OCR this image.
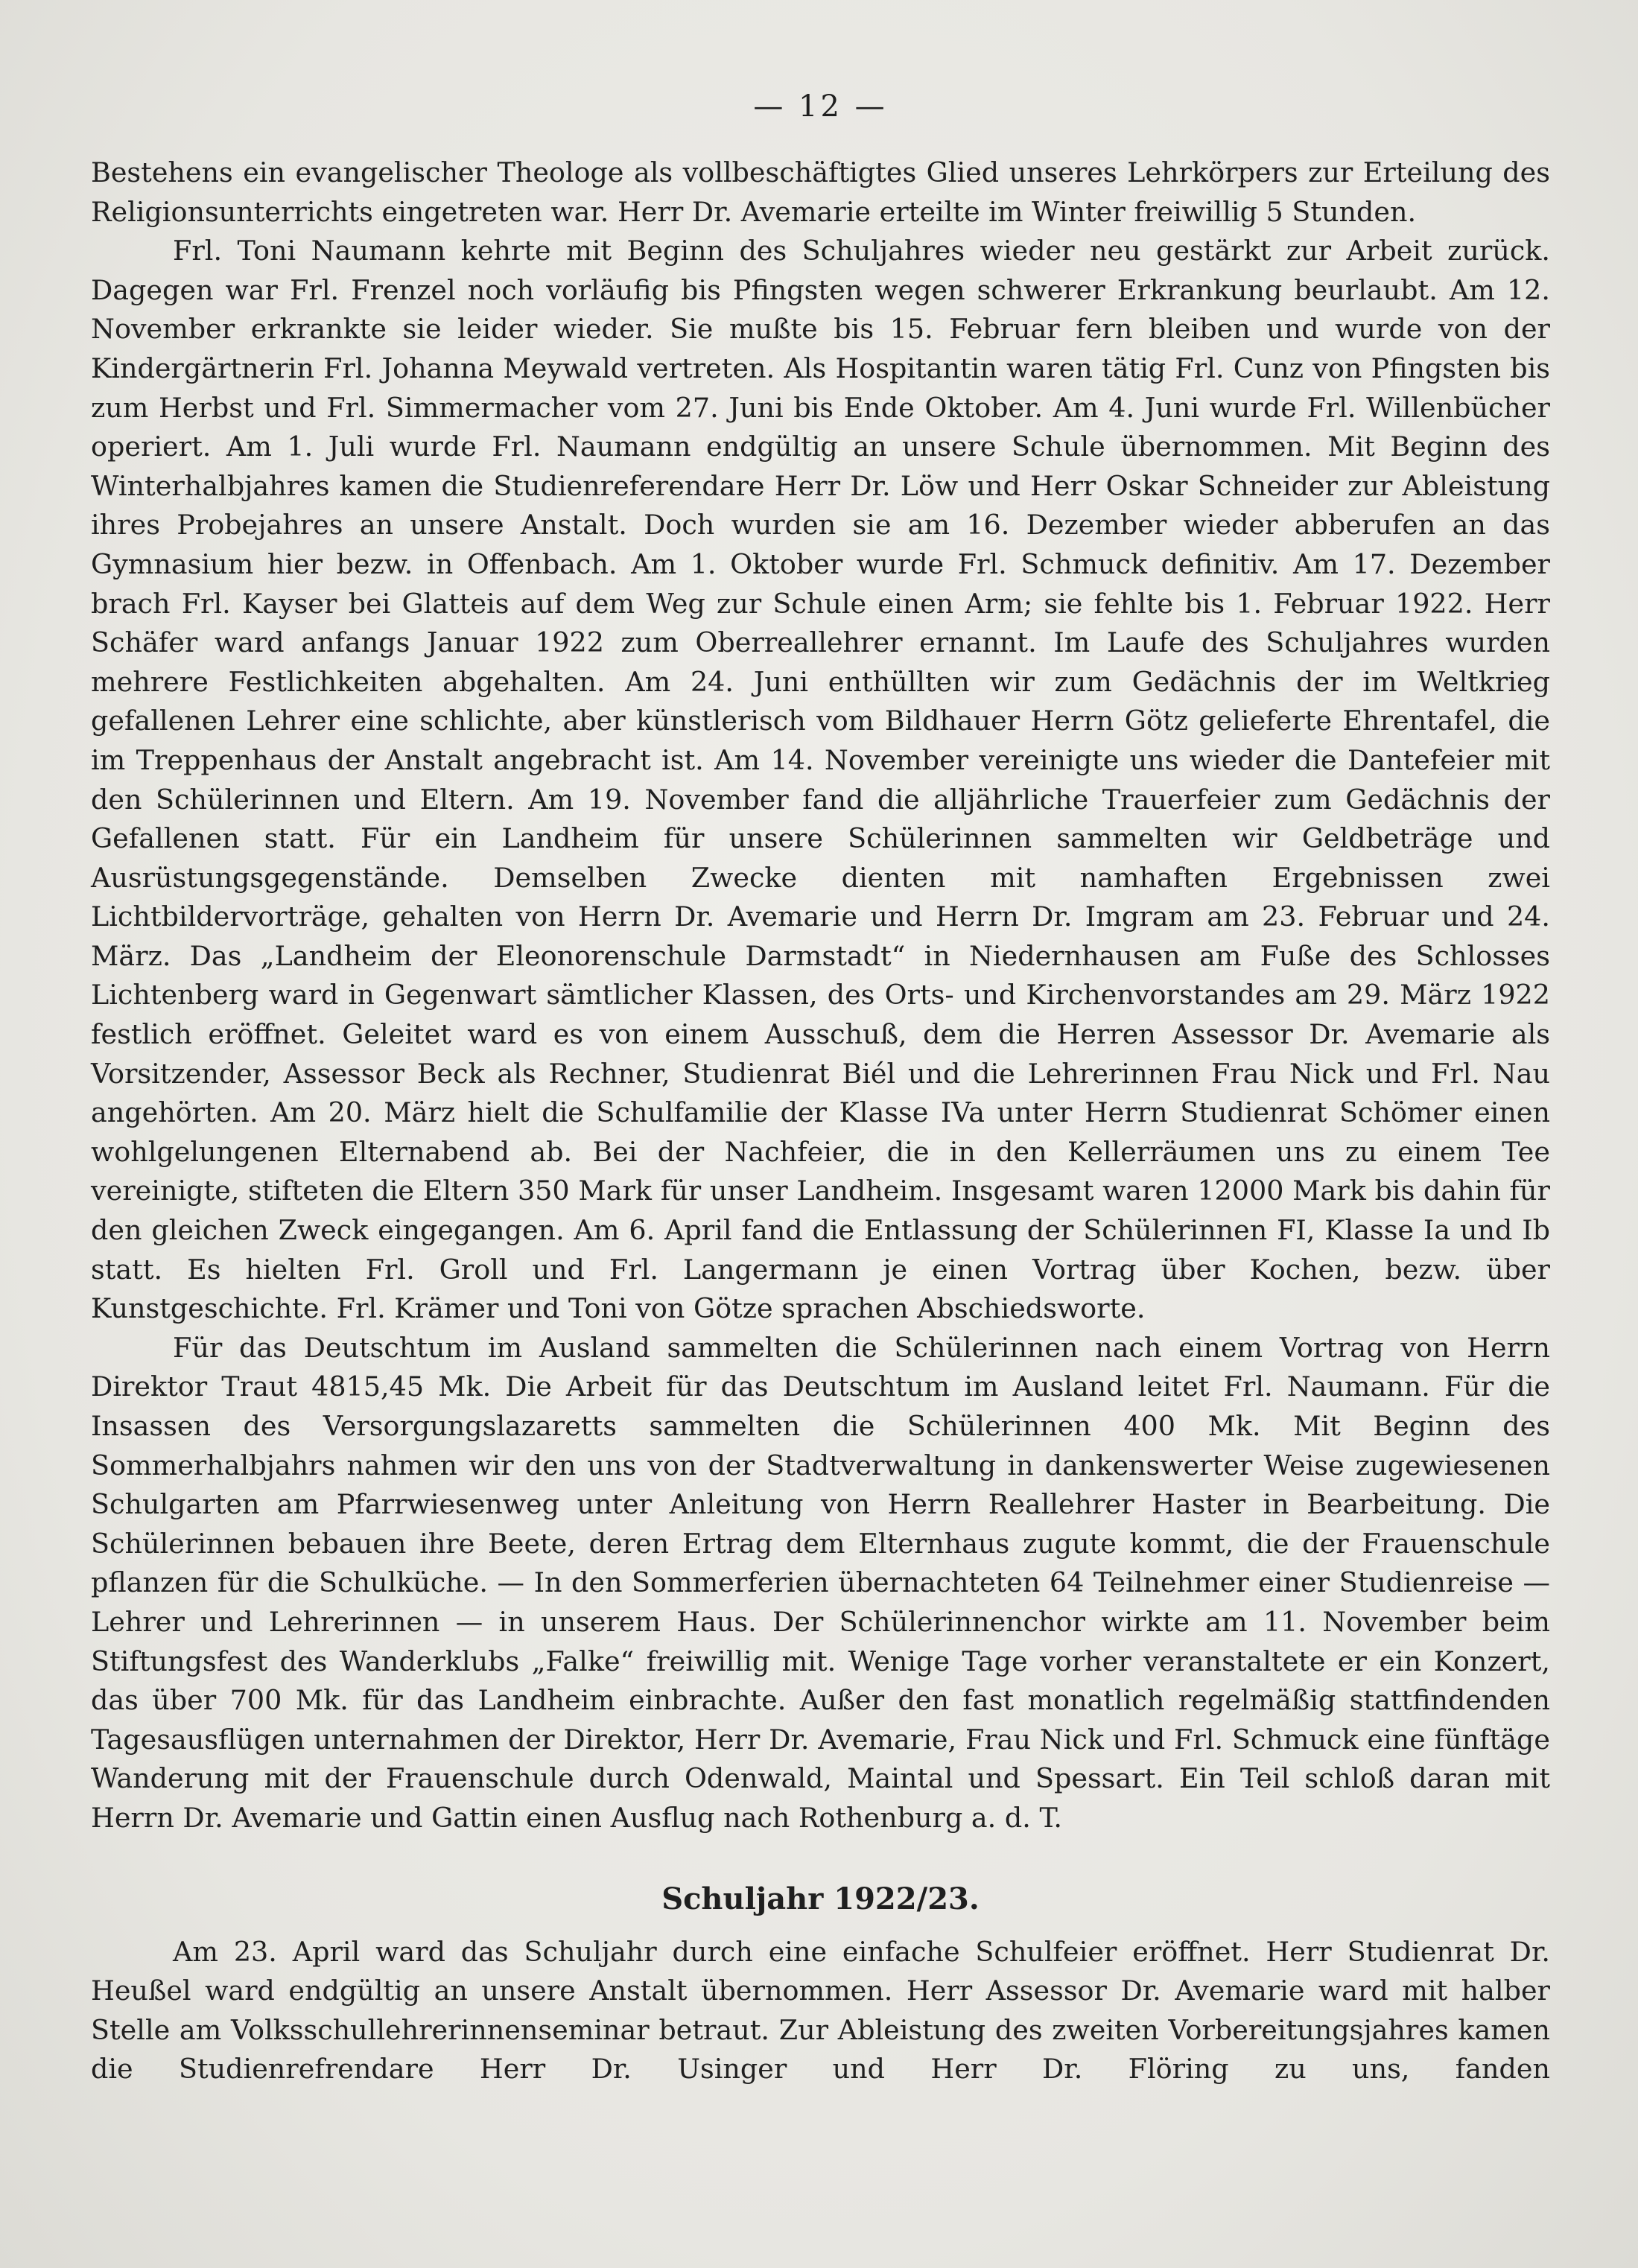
— 12 —

Bestehens ein evangelischer Theologe als vollbeschäftigtes Glied unseres Lehrkörpers zur Erteilung des Religionsunterrichts eingetreten war. Herr Dr. Avemarie erteilte im Winter freiwillig 5 Stunden.

Frl. Toni Naumann kehrte mit Beginn des Schuljahres wieder neu gestärkt zur Arbeit zurück. Dagegen war Frl. Frenzel noch vorläufig bis Pfingsten wegen schwerer Erkrankung beurlaubt. Am 12. November erkrankte sie leider wieder. Sie mußte bis 15. Februar fern bleiben und wurde von der Kindergärtnerin Frl. Johanna Meywald vertreten. Als Hospitantin waren tätig Frl. Cunz von Pfingsten bis zum Herbst und Frl. Simmermacher vom 27. Juni bis Ende Oktober. Am 4. Juni wurde Frl. Willenbücher operiert. Am 1. Juli wurde Frl. Naumann endgültig an unsere Schule übernommen. Mit Beginn des Winterhalbjahres kamen die Studienreferendare Herr Dr. Löw und Herr Oskar Schneider zur Ableistung ihres Probejahres an unsere Anstalt. Doch wurden sie am 16. Dezember wieder abberufen an das Gymnasium hier bezw. in Offenbach. Am 1. Oktober wurde Frl. Schmuck definitiv. Am 17. Dezember brach Frl. Kayser bei Glatteis auf dem Weg zur Schule einen Arm; sie fehlte bis 1. Februar 1922. Herr Schäfer ward anfangs Januar 1922 zum Oberreallehrer ernannt. Im Laufe des Schuljahres wurden mehrere Festlichkeiten abgehalten. Am 24. Juni enthüllten wir zum Gedächnis der im Weltkrieg gefallenen Lehrer eine schlichte, aber künstlerisch vom Bildhauer Herrn Götz gelieferte Ehrentafel, die im Treppenhaus der Anstalt angebracht ist. Am 14. November vereinigte uns wieder die Dantefeier mit den Schülerinnen und Eltern. Am 19. November fand die alljährliche Trauerfeier zum Gedächnis der Gefallenen statt. Für ein Landheim für unsere Schülerinnen sammelten wir Geldbeträge und Ausrüstungsgegenstände. Demselben Zwecke dienten mit namhaften Ergebnissen zwei Lichtbildervorträge, gehalten von Herrn Dr. Avemarie und Herrn Dr. Imgram am 23. Februar und 24. März. Das „Landheim der Eleonorenschule Darmstadt“ in Niedernhausen am Fuße des Schlosses Lichtenberg ward in Gegenwart sämtlicher Klassen, des Orts- und Kirchenvorstandes am 29. März 1922 festlich eröffnet. Geleitet ward es von einem Ausschuß, dem die Herren Assessor Dr. Avemarie als Vorsitzender, Assessor Beck als Rechner, Studienrat Biél und die Lehrerinnen Frau Nick und Frl. Nau angehörten. Am 20. März hielt die Schulfamilie der Klasse IVa unter Herrn Studienrat Schömer einen wohlgelungenen Elternabend ab. Bei der Nachfeier, die in den Kellerräumen uns zu einem Tee vereinigte, stifteten die Eltern 350 Mark für unser Landheim. Insgesamt waren 12000 Mark bis dahin für den gleichen Zweck eingegangen. Am 6. April fand die Entlassung der Schülerinnen FI, Klasse Ia und Ib statt. Es hielten Frl. Groll und Frl. Langermann je einen Vortrag über Kochen, bezw. über Kunstgeschichte. Frl. Krämer und Toni von Götze sprachen Abschiedsworte.

Für das Deutschtum im Ausland sammelten die Schülerinnen nach einem Vortrag von Herrn Direktor Traut 4815,45 Mk. Die Arbeit für das Deutschtum im Ausland leitet Frl. Naumann. Für die Insassen des Versorgungslazaretts sammelten die Schülerinnen 400 Mk. Mit Beginn des Sommerhalbjahrs nahmen wir den uns von der Stadtverwaltung in dankenswerter Weise zugewiesenen Schulgarten am Pfarrwiesenweg unter Anleitung von Herrn Reallehrer Haster in Bearbeitung. Die Schülerinnen bebauen ihre Beete, deren Ertrag dem Elternhaus zugute kommt, die der Frauenschule pflanzen für die Schulküche. — In den Sommerferien übernachteten 64 Teilnehmer einer Studienreise — Lehrer und Lehrerinnen — in unserem Haus. Der Schülerinnenchor wirkte am 11. November beim Stiftungsfest des Wanderklubs „Falke“ freiwillig mit. Wenige Tage vorher veranstaltete er ein Konzert, das über 700 Mk. für das Landheim einbrachte. Außer den fast monatlich regelmäßig stattfindenden Tagesausflügen unternahmen der Direktor, Herr Dr. Avemarie, Frau Nick und Frl. Schmuck eine fünftäge Wanderung mit der Frauenschule durch Odenwald, Maintal und Spessart. Ein Teil schloß daran mit Herrn Dr. Avemarie und Gattin einen Ausflug nach Rothenburg a. d. T.

Schuljahr 1922/23.

Am 23. April ward das Schuljahr durch eine einfache Schulfeier eröffnet. Herr Studienrat Dr. Heußel ward endgültig an unsere Anstalt übernommen. Herr Assessor Dr. Avemarie ward mit halber Stelle am Volksschullehrerinnenseminar betraut. Zur Ableistung des zweiten Vorbereitungsjahres kamen die Studienrefrendare Herr Dr. Usinger und Herr Dr. Flöring zu uns, fanden
